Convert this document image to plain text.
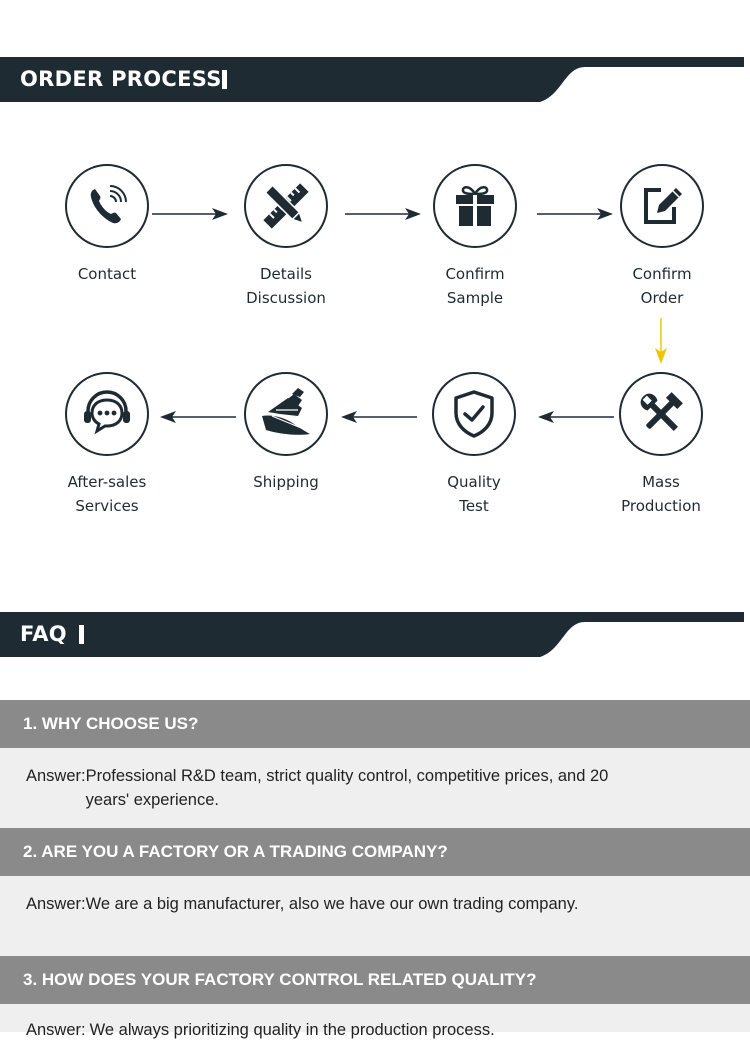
ORDER PROCESS
Contact	Details
Discussion
Confirm
Sample
Confirm
Order
Mass
Production
Quality
Test
Shipping
After-sales
Services
FAQ
1. WHY CHOOSE US?
Answer: Professional R&D team, strict quality control, competitive prices, and 20 years' experience.
2. ARE YOU A FACTORY OR A TRADING COMPANY?
Answer: We are a big manufacturer, also we have our own trading company.
3. HOW DOES YOUR FACTORY CONTROL RELATED QUALITY?
Answer: We always prioritizing quality in the production process.
